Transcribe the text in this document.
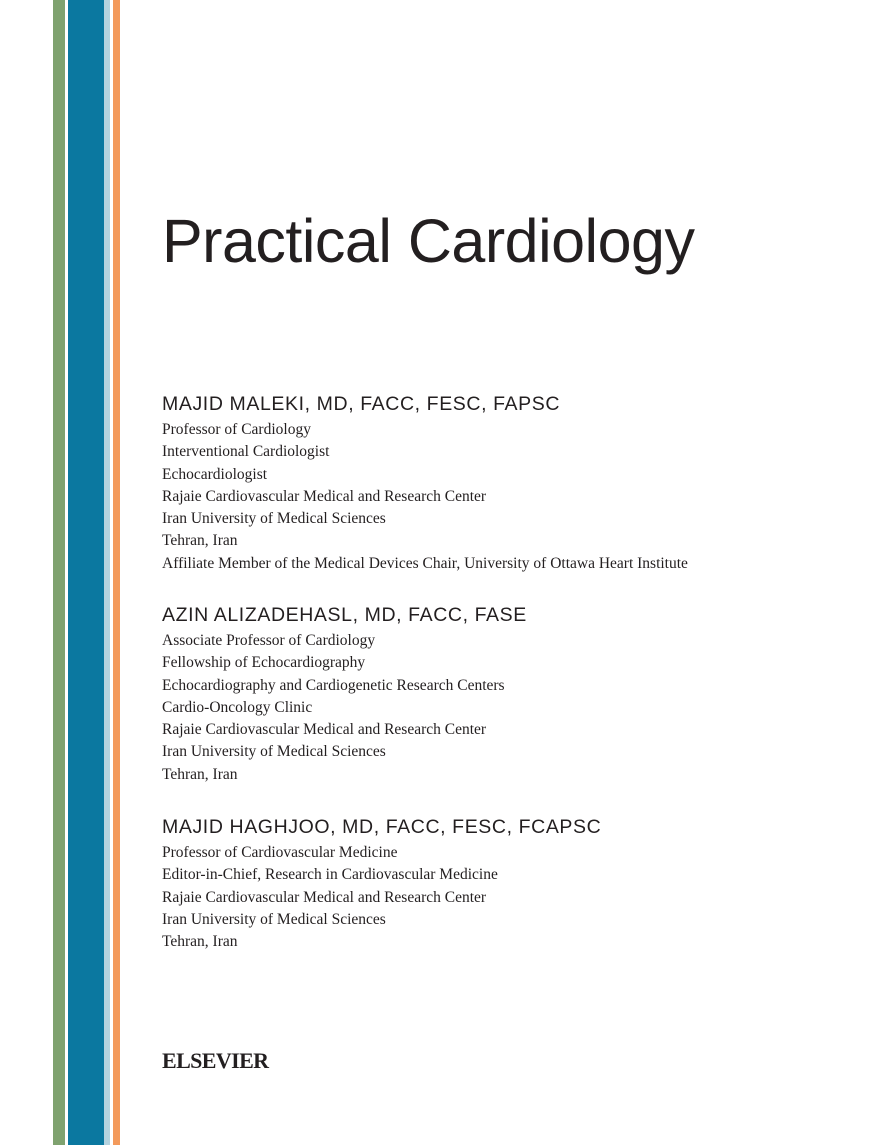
Practical Cardiology
MAJID MALEKI, MD, FACC, FESC, FAPSC
Professor of Cardiology
Interventional Cardiologist
Echocardiologist
Rajaie Cardiovascular Medical and Research Center
Iran University of Medical Sciences
Tehran, Iran
Affiliate Member of the Medical Devices Chair, University of Ottawa Heart Institute
AZIN ALIZADEHASL, MD, FACC, FASE
Associate Professor of Cardiology
Fellowship of Echocardiography
Echocardiography and Cardiogenetic Research Centers
Cardio-Oncology Clinic
Rajaie Cardiovascular Medical and Research Center
Iran University of Medical Sciences
Tehran, Iran
MAJID HAGHJOO, MD, FACC, FESC, FCAPSC
Professor of Cardiovascular Medicine
Editor-in-Chief, Research in Cardiovascular Medicine
Rajaie Cardiovascular Medical and Research Center
Iran University of Medical Sciences
Tehran, Iran
ELSEVIER
